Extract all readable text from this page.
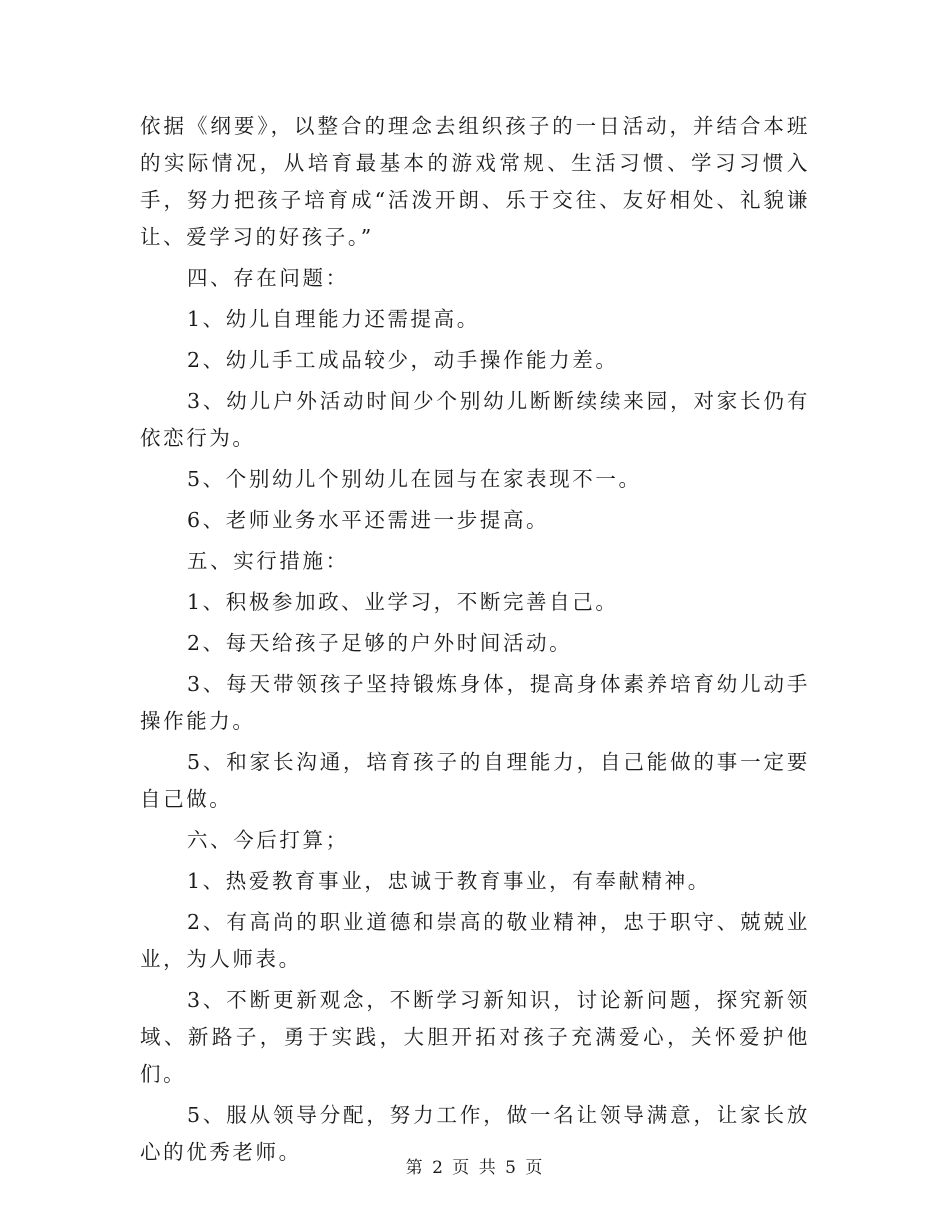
依据《纲要》，以整合的理念去组织孩子的一日活动，并结合本班的实际情况，从培育最基本的游戏常规、生活习惯、学习习惯入手，努力把孩子培育成“活泼开朗、乐于交往、友好相处、礼貌谦让、爱学习的好孩子。”

四、存在问题：

1、幼儿自理能力还需提高。

2、幼儿手工成品较少，动手操作能力差。

3、幼儿户外活动时间少个别幼儿断断续续来园，对家长仍有依恋行为。

5、个别幼儿个别幼儿在园与在家表现不一。

6、老师业务水平还需进一步提高。

五、实行措施：

1、积极参加政、业学习，不断完善自己。

2、每天给孩子足够的户外时间活动。

3、每天带领孩子坚持锻炼身体，提高身体素养培育幼儿动手操作能力。

5、和家长沟通，培育孩子的自理能力，自己能做的事一定要自己做。

六、今后打算；

1、热爱教育事业，忠诚于教育事业，有奉献精神。

2、有高尚的职业道德和崇高的敬业精神，忠于职守、兢兢业业，为人师表。

3、不断更新观念，不断学习新知识，讨论新问题，探究新领域、新路子，勇于实践，大胆开拓对孩子充满爱心，关怀爱护他们。

5、服从领导分配，努力工作，做一名让领导满意，让家长放心的优秀老师。

第 2 页 共 5 页
